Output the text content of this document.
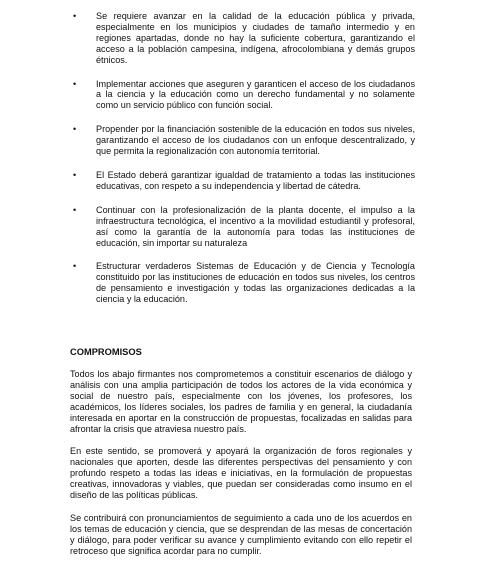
• Se requiere avanzar en la calidad de la educación pública y privada, especialmente en los municipios y ciudades de tamaño intermedio y en regiones apartadas, donde no hay la suficiente cobertura, garantizando el acceso a la población campesina, indígena, afrocolombiana y demás grupos étnicos.
• Implementar acciones que aseguren y garanticen el acceso de los ciudadanos a la ciencia y la educación como un derecho fundamental y no solamente como un servicio público con función social.
• Propender por la financiación sostenible de la educación en todos sus niveles, garantizando el acceso de los ciudadanos con un enfoque descentralizado, y que permita la regionalización con autonomía territorial.
• El Estado deberá garantizar igualdad de tratamiento a todas las instituciones educativas, con respeto a su independencia y libertad de cátedra.
• Continuar con la profesionalización de la planta docente, el impulso a la infraestructura tecnológica, el incentivo a la movilidad estudiantil y profesoral, así como la garantía de la autonomía para todas las instituciones de educación, sin importar su naturaleza
• Estructurar verdaderos Sistemas de Educación y de Ciencia y Tecnología constituido por las instituciones de educación en todos sus niveles, los centros de pensamiento e investigación y todas las organizaciones dedicadas a la ciencia y la educación.
COMPROMISOS

Todos los abajo firmantes nos comprometemos a constituir escenarios de diálogo y análisis con una amplia participación de todos los actores de la vida económica y social de nuestro país, especialmente con los jóvenes, los profesores, los académicos, los líderes sociales, los padres de familia y en general, la ciudadanía interesada en aportar en la construcción de propuestas, focalizadas en salidas para afrontar la crisis que atraviesa nuestro país.

En este sentido, se promoverá y apoyará la organización de foros regionales y nacionales que aporten, desde las diferentes perspectivas del pensamiento y con profundo respeto a todas las ideas e iniciativas, en la formulación de propuestas creativas, innovadoras y viables, que puedan ser consideradas como insumo en el diseño de las políticas públicas.

Se contribuirá con pronunciamientos de seguimiento a cada uno de los acuerdos en los temas de educación y ciencia, que se desprendan de las mesas de concertación y diálogo, para poder verificar su avance y cumplimiento evitando con ello repetir el retroceso que significa acordar para no cumplir.
